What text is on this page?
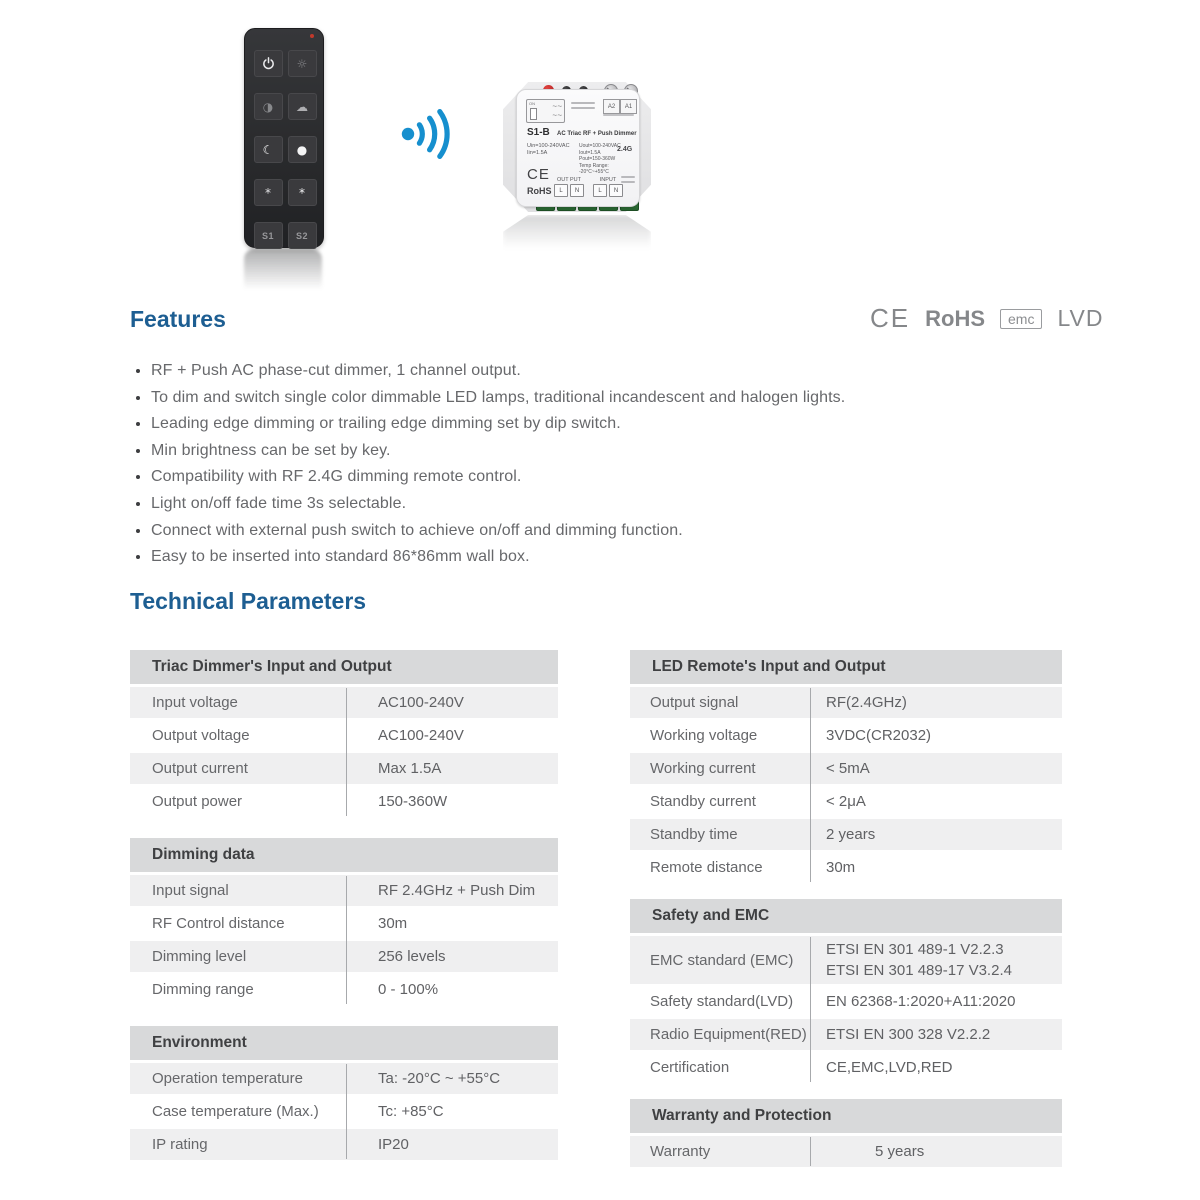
☼
◑ ☁
☾ ●
* *
S1 S2
ON ~ ~
~ ~
A2	A1
S1-B AC Triac RF + Push Dimmer
Uin=100-240VAC
Iin=1.5A
Uout=100-240VAC
Iout=1.5A
Pout=150-360W
Temp Range: -20°C~+55°C
2.4G
CE
RoHS
OUT PUT
L	N
INPUT
L	N
CE RoHS	emc	LVD
Features
• RF + Push AC phase-cut dimmer, 1 channel output.
• To dim and switch single color dimmable LED lamps, traditional incandescent and halogen lights.
• Leading edge dimming or trailing edge dimming set by dip switch.
• Min brightness can be set by key.
• Compatibility with RF 2.4G dimming remote control.
• Light on/off fade time 3s selectable.
• Connect with external push switch to achieve on/off and dimming function.
• Easy to be inserted into standard 86*86mm wall box.
Technical Parameters
Triac Dimmer's Input and Output
Input voltage	AC100-240V
Output voltage	AC100-240V
Output current	Max 1.5A
Output power	150-360W
Dimming data
Input signal	RF 2.4GHz + Push Dim
RF Control distance	30m
Dimming level	256 levels
Dimming range	0 - 100%
Environment
Operation temperature	Ta: -20°C ~ +55°C
Case temperature (Max.)	Tc: +85°C
IP rating	IP20
LED Remote's Input and Output
Output signal	RF(2.4GHz)
Working voltage	3VDC(CR2032)
Working current	< 5mA
Standby current	< 2μA
Standby time	2 years
Remote distance	30m
Safety and EMC
EMC standard (EMC)
ETSI EN 301 489-1 V2.2.3
ETSI EN 301 489-17 V3.2.4
Safety standard(LVD)	EN 62368-1:2020+A11:2020
Radio Equipment(RED) ETSI EN 300 328 V2.2.2
Certification	CE,EMC,LVD,RED
Warranty and Protection
Warranty	5 years
